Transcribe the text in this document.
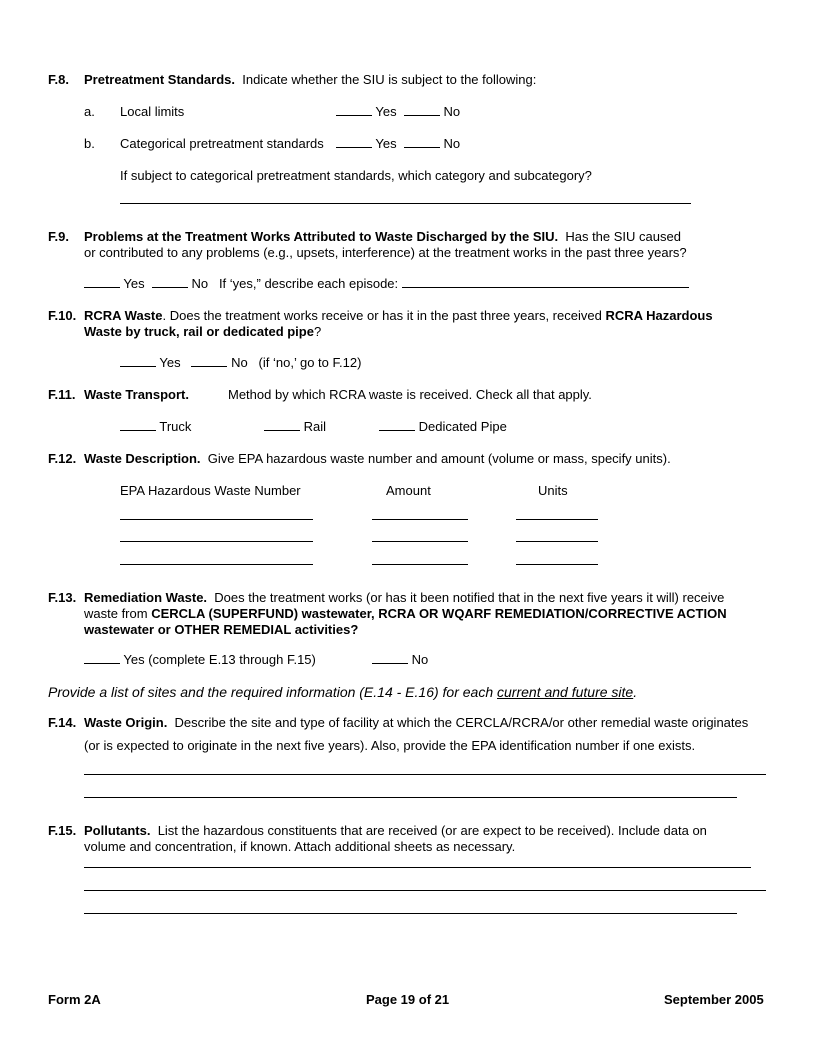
F.8. Pretreatment Standards. Indicate whether the SIU is subject to the following:
a. Local limits	Yes	No
b. Categorical pretreatment standards	Yes	No
If subject to categorical pretreatment standards, which category and subcategory?
F.9. Problems at the Treatment Works Attributed to Waste Discharged by the SIU. Has the SIU caused
or contributed to any problems (e.g., upsets, interference) at the treatment works in the past three years?
Yes	No If ‘yes,” describe each episode:
F.10. RCRA Waste. Does the treatment works receive or has it in the past three years, received RCRA Hazardous
Waste by truck, rail or dedicated pipe?
Yes	No (if ‘no,’ go to F.12)
F.11. Waste Transport.	Method by which RCRA waste is received. Check all that apply.
Truck	Rail	Dedicated Pipe
F.12. Waste Description. Give EPA hazardous waste number and amount (volume or mass, specify units).
EPA Hazardous Waste Number	Amount	Units
F.13. Remediation Waste. Does the treatment works (or has it been notified that in the next five years it will) receive
waste from CERCLA (SUPERFUND) wastewater, RCRA OR WQARF REMEDIATION/CORRECTIVE ACTION
wastewater or OTHER REMEDIAL activities?
Yes (complete E.13 through F.15)	No
Provide a list of sites and the required information (E.14 - E.16) for each current and future site.
F.14. Waste Origin. Describe the site and type of facility at which the CERCLA/RCRA/or other remedial waste originates
(or is expected to originate in the next five years). Also, provide the EPA identification number if one exists.
F.15. Pollutants. List the hazardous constituents that are received (or are expect to be received). Include data on
volume and concentration, if known. Attach additional sheets as necessary.
Form 2A	Page 19 of 21	September 2005
